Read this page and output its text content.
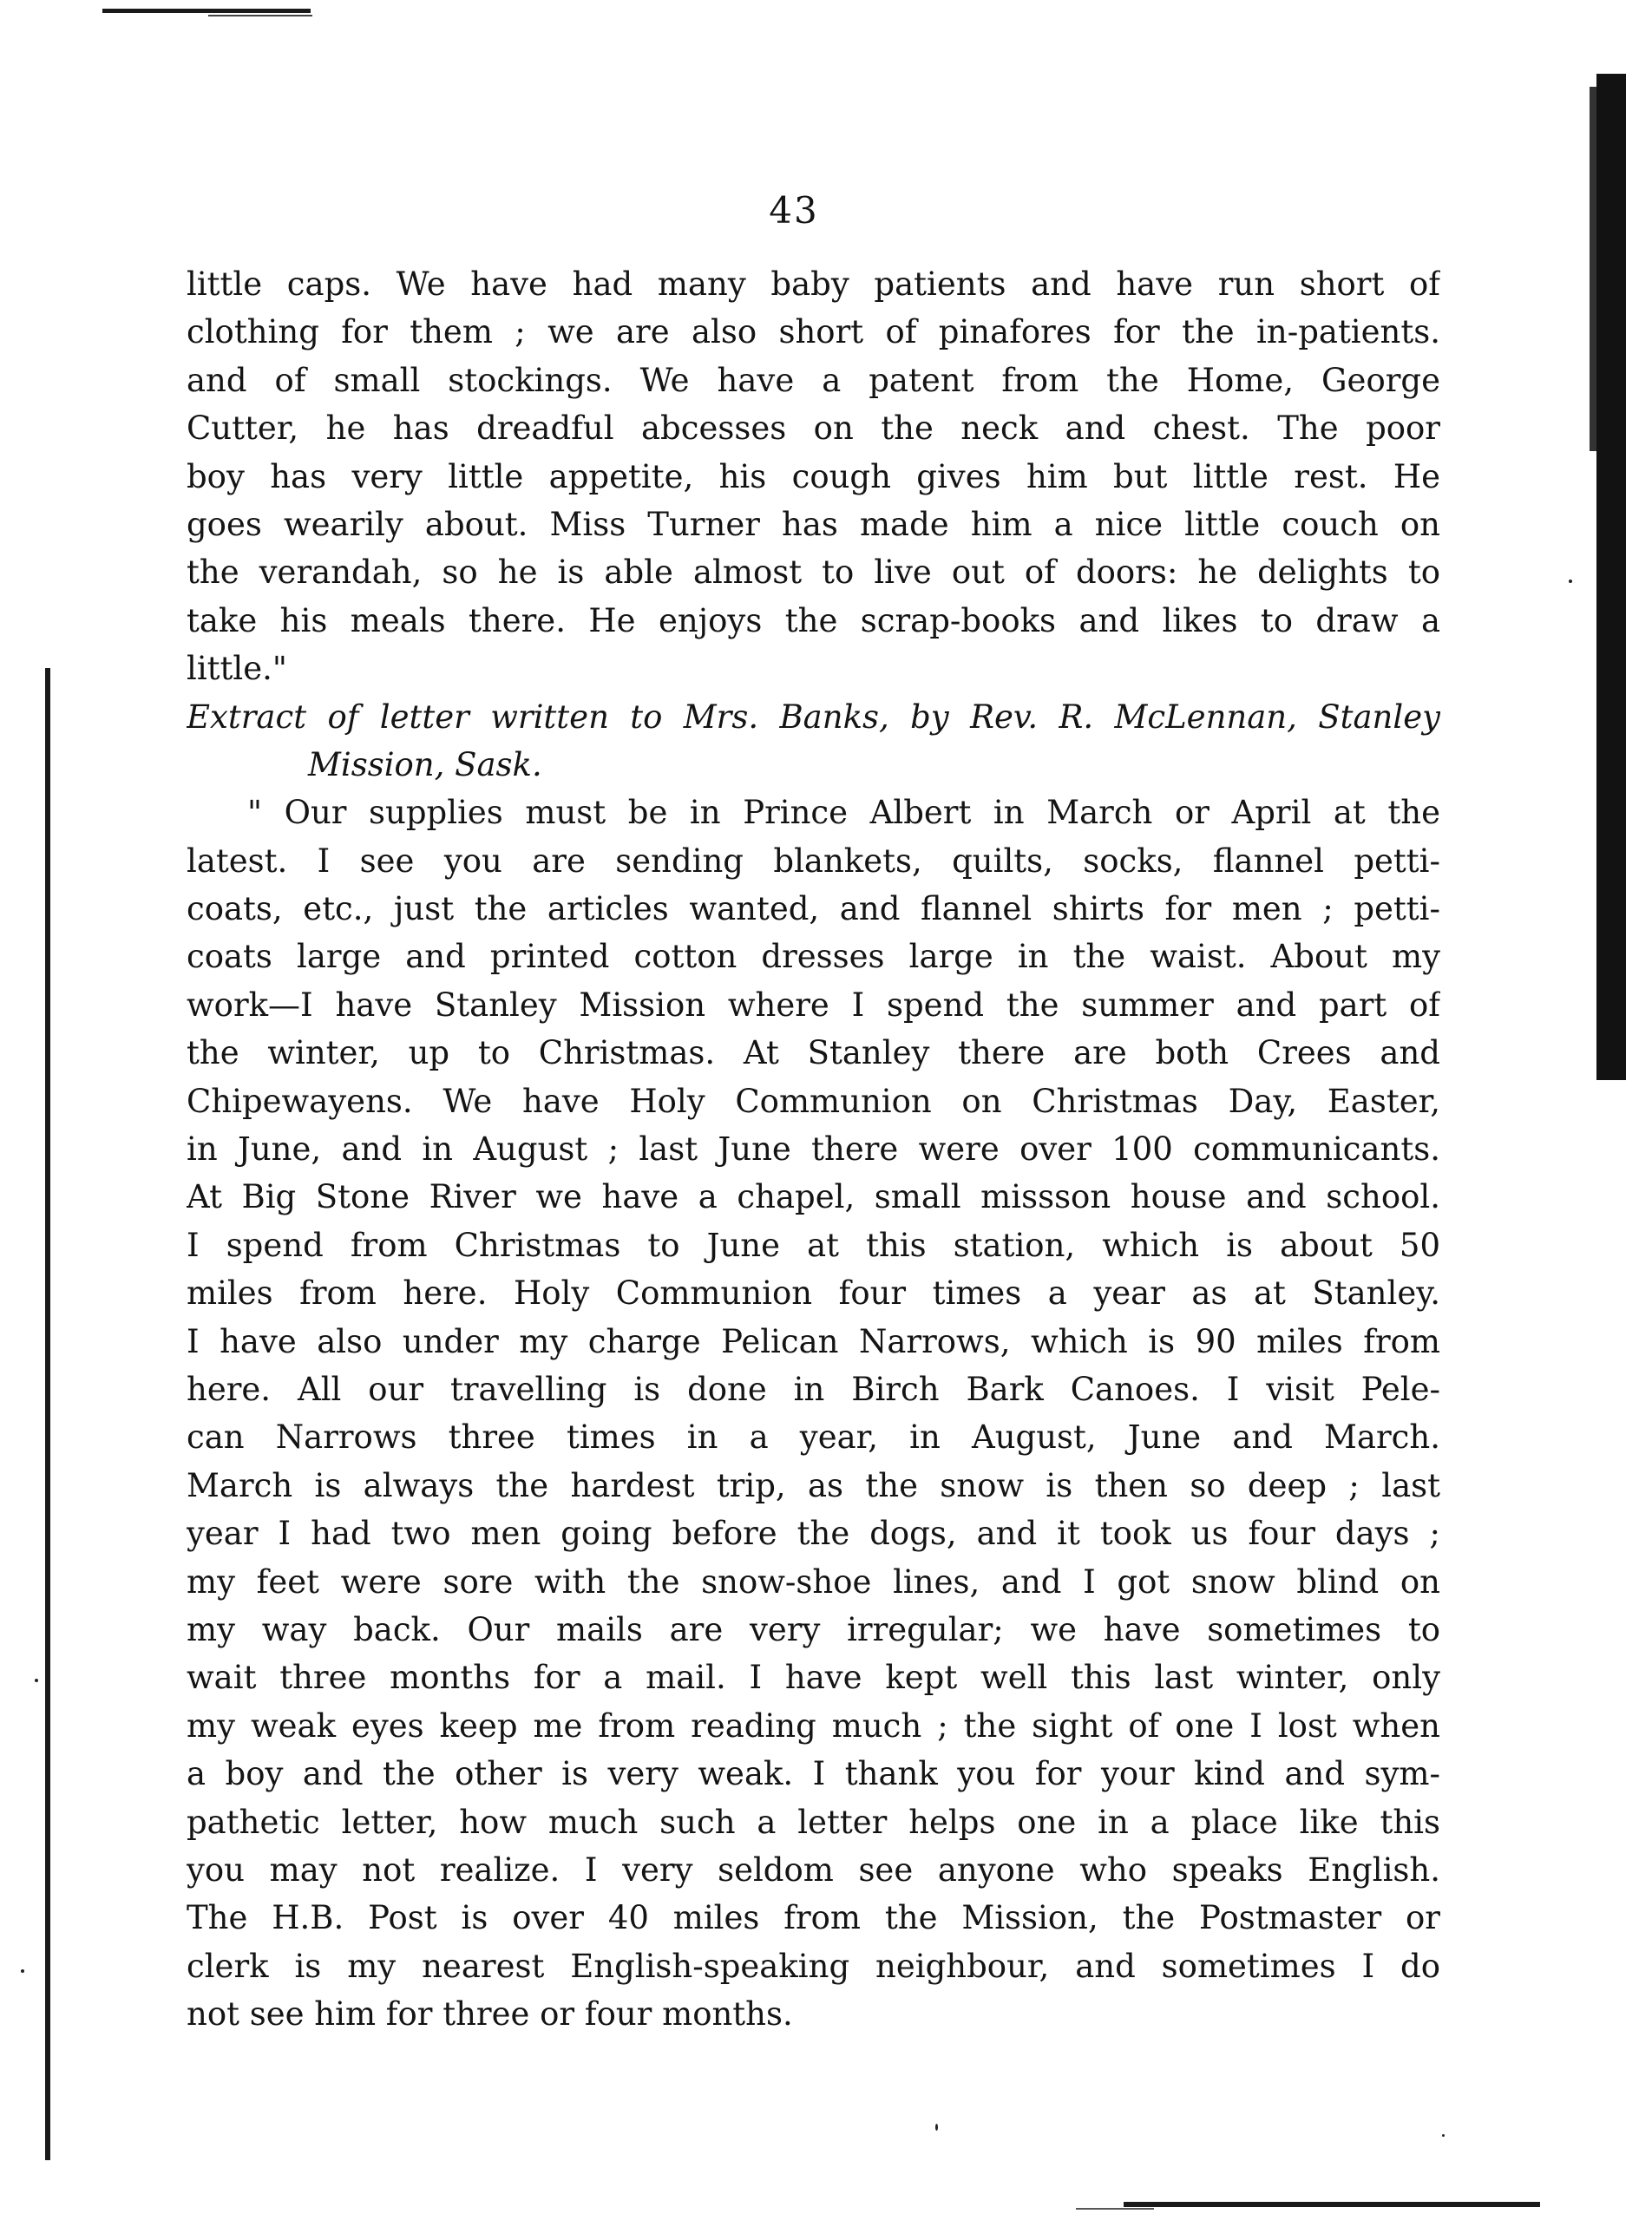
43
little caps. We have had many baby patients and have run short of
clothing for them ; we are also short of pinafores for the in-patients.
and of small stockings. We have a patent from the Home, George
Cutter, he has dreadful abcesses on the neck and chest. The poor
boy has very little appetite, his cough gives him but little rest. He
goes wearily about. Miss Turner has made him a nice little couch on
the verandah, so he is able almost to live out of doors: he delights to
take his meals there. He enjoys the scrap-books and likes to draw a
little."
Extract of letter written to Mrs. Banks, by Rev. R. McLennan, Stanley
Mission, Sask.
" Our supplies must be in Prince Albert in March or April at the
latest. I see you are sending blankets, quilts, socks, flannel petti-
coats, etc., just the articles wanted, and flannel shirts for men ; petti-
coats large and printed cotton dresses large in the waist. About my
work—I have Stanley Mission where I spend the summer and part of
the winter, up to Christmas. At Stanley there are both Crees and
Chipewayens. We have Holy Communion on Christmas Day, Easter,
in June, and in August ; last June there were over 100 communicants.
At Big Stone River we have a chapel, small missson house and school.
I spend from Christmas to June at this station, which is about 50
miles from here. Holy Communion four times a year as at Stanley.
I have also under my charge Pelican Narrows, which is 90 miles from
here. All our travelling is done in Birch Bark Canoes. I visit Pele-
can Narrows three times in a year, in August, June and March.
March is always the hardest trip, as the snow is then so deep ; last
year I had two men going before the dogs, and it took us four days ;
my feet were sore with the snow-shoe lines, and I got snow blind on
my way back. Our mails are very irregular; we have sometimes to
wait three months for a mail. I have kept well this last winter, only
my weak eyes keep me from reading much ; the sight of one I lost when
a boy and the other is very weak. I thank you for your kind and sym-
pathetic letter, how much such a letter helps one in a place like this
you may not realize. I very seldom see anyone who speaks English.
The H.B. Post is over 40 miles from the Mission, the Postmaster or
clerk is my nearest English-speaking neighbour, and sometimes I do
not see him for three or four months.
